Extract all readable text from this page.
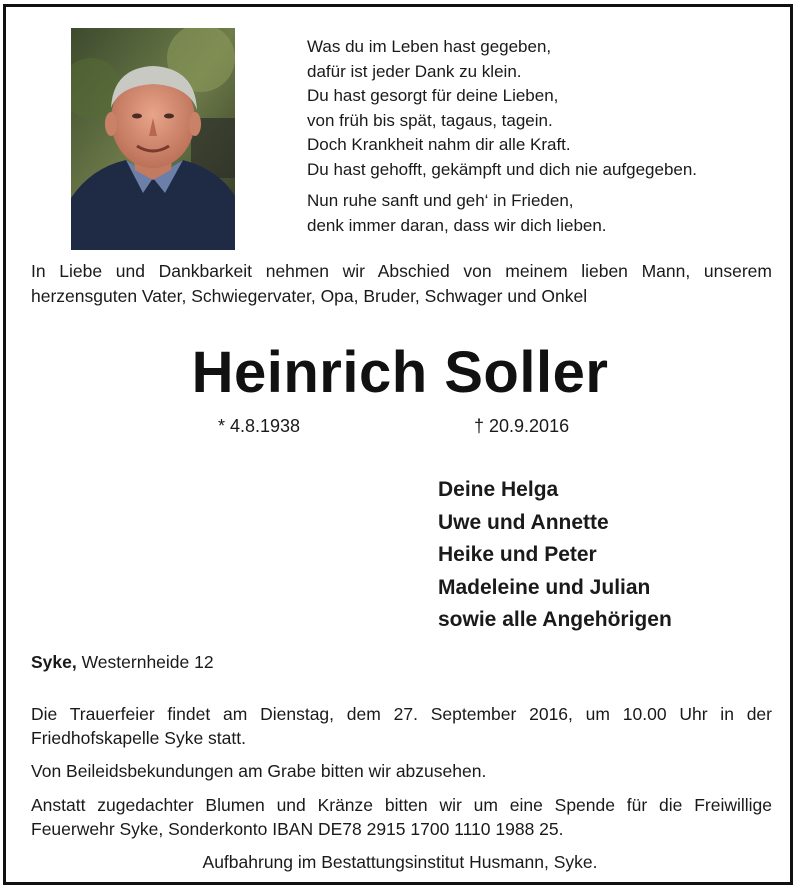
Was du im Leben hast gegeben,
dafür ist jeder Dank zu klein.
Du hast gesorgt für deine Lieben,
von früh bis spät, tagaus, tagein.
Doch Krankheit nahm dir alle Kraft.
Du hast gehofft, gekämpft und dich nie aufgegeben.
Nun ruhe sanft und geh‘ in Frieden,
denk immer daran, dass wir dich lieben.
In Liebe und Dankbarkeit nehmen wir Abschied von meinem lieben Mann, unserem herzensguten Vater, Schwiegervater, Opa, Bruder, Schwager und Onkel
Heinrich Soller
* 4.8.1938	† 20.9.2016
Deine Helga
Uwe und Annette
Heike und Peter
Madeleine und Julian
sowie alle Angehörigen
Syke, Westernheide 12
Die Trauerfeier findet am Dienstag, dem 27. September 2016, um 10.00 Uhr in der Friedhofskapelle Syke statt.
Von Beileidsbekundungen am Grabe bitten wir abzusehen.
Anstatt zugedachter Blumen und Kränze bitten wir um eine Spende für die Freiwillige Feuerwehr Syke, Sonderkonto IBAN DE78 2915 1700 1110 1988 25.
Aufbahrung im Bestattungsinstitut Husmann, Syke.
